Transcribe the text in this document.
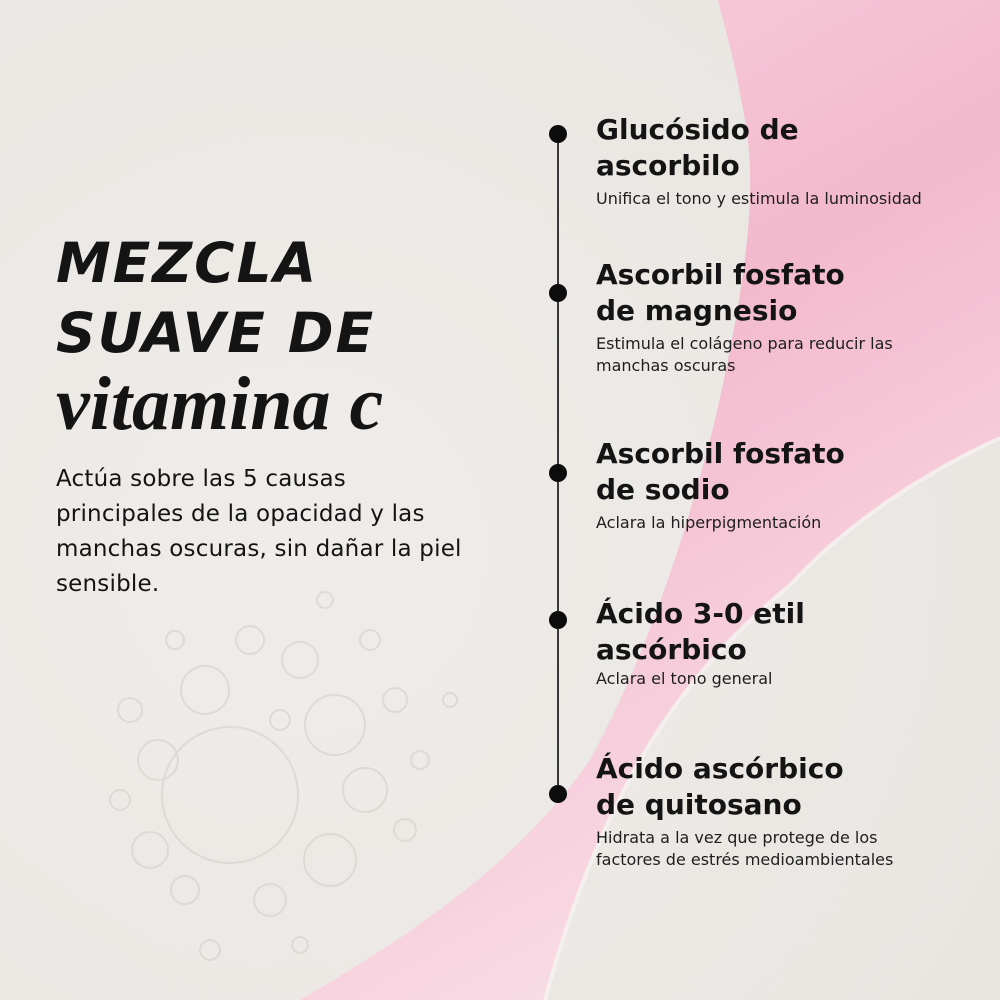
MEZCLA
SUAVE DE
vitamina c

Actúa sobre las 5 causas principales de la opacidad y las manchas oscuras, sin dañar la piel sensible.

Glucósido de
ascorbilo

Unifica el tono y estimula la luminosidad

Ascorbil fosfato
de magnesio

Estimula el colágeno para reducir las
manchas oscuras

Ascorbil fosfato
de sodio

Aclara la hiperpigmentación

Ácido 3-0 etil
ascórbico

Aclara el tono general

Ácido ascórbico
de quitosano

Hidrata a la vez que protege de los
factores de estrés medioambientales
